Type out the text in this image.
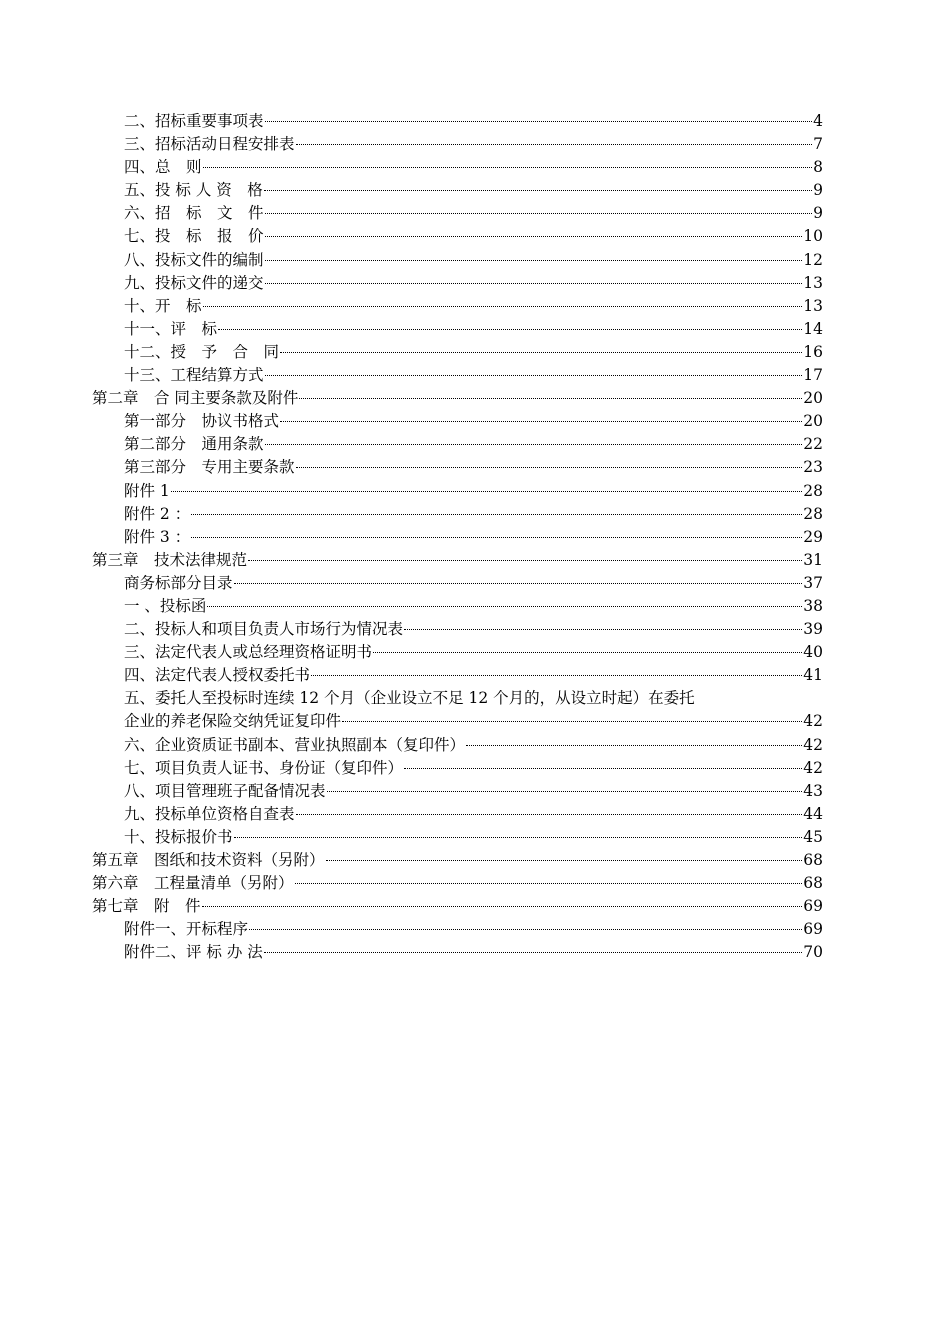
二、招标重要事项表	4
三、招标活动日程安排表	7
四、总　则	8
五、投 标 人 资　格	9
六、招　标　文　件	9
七、投　标　报　价	10
八、投标文件的编制	12
九、投标文件的递交	13
十、开　标	13
十一、评　标	14
十二、授　予　合　同	16
十三、工程结算方式	17
第二章　合 同主要条款及附件	20
第一部分　协议书格式	20
第二部分　通用条款	22
第三部分　专用主要条款	23
附件 1	28
附件 2 ：	28
附件 3 ：	29
第三章　技术法律规范	31
商务标部分目录	37
一 、投标函	38
二、投标人和项目负责人市场行为情况表	39
三、法定代表人或总经理资格证明书	40
四、法定代表人授权委托书	41
五、委托人至投标时连续 12 个月（企业设立不足 12 个月的，从设立时起）在委托
企业的养老保险交纳凭证复印件	42
六、企业资质证书副本、营业执照副本（复印件）	42
七、项目负责人证书、身份证（复印件）	42
八、项目管理班子配备情况表	43
九、投标单位资格自查表	44
十、投标报价书	45
第五章　图纸和技术资料（另附）	68
第六章　工程量清单（另附）	68
第七章　附　件	69
附件一、开标程序	69
附件二、评 标 办 法	70
